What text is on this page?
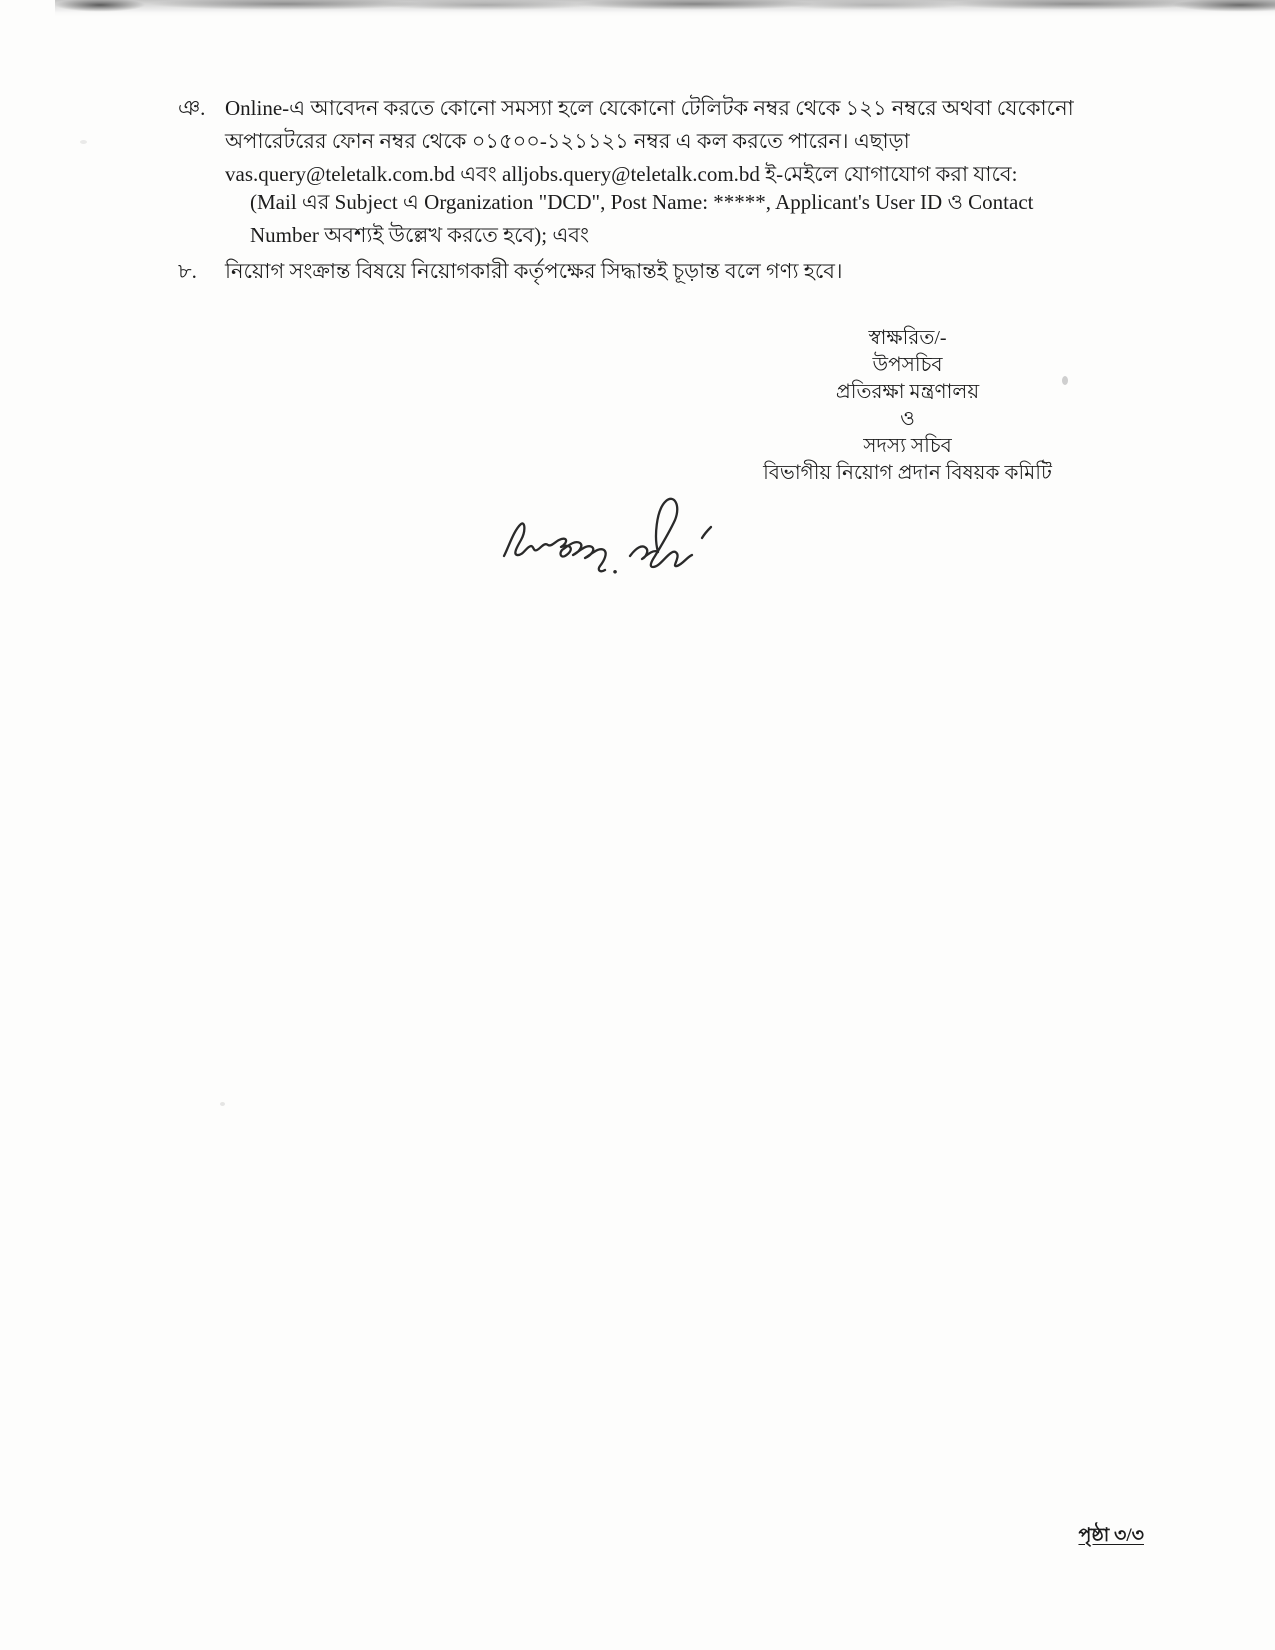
ঞ. Online-এ আবেদন করতে কোনো সমস্যা হলে যেকোনো টেলিটক নম্বর থেকে ১২১ নম্বরে অথবা যেকোনো অপারেটরের ফোন নম্বর থেকে ০১৫০০-১২১১২১ নম্বর এ কল করতে পারেন। এছাড়া vas.query@teletalk.com.bd এবং alljobs.query@teletalk.com.bd ই-মেইলে যোগাযোগ করা যাবে:
(Mail এর Subject এ Organization "DCD", Post Name: *****, Applicant's User ID ও Contact Number অবশ্যই উল্লেখ করতে হবে); এবং
৮.	নিয়োগ সংক্রান্ত বিষয়ে নিয়োগকারী কর্তৃপক্ষের সিদ্ধান্তই চূড়ান্ত বলে গণ্য হবে।
স্বাক্ষরিত/-
উপসচিব
প্রতিরক্ষা মন্ত্রণালয়
ও
সদস্য সচিব
বিভাগীয় নিয়োগ প্রদান বিষয়ক কমিটি
পৃষ্ঠা ৩/৩
